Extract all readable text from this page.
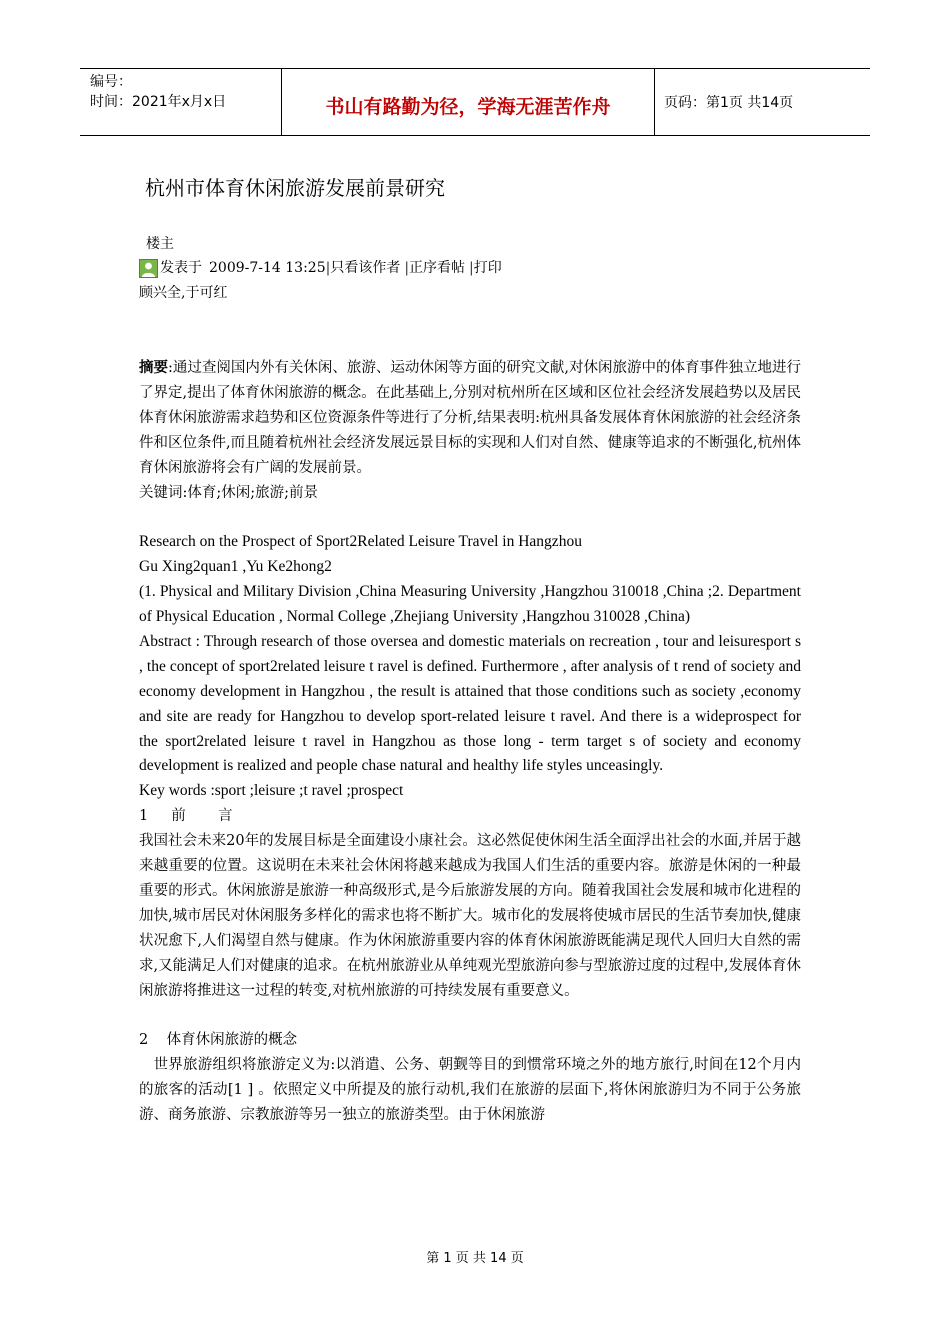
编号：
时间：2021年x月x日	书山有路勤为径，学海无涯苦作舟	页码：第1页 共14页
杭州市体育休闲旅游发展前景研究
楼主
发表于 2009-7-14 13:25 | 只看该作者 | 正序看帖 | 打印
顾兴全,于可红

摘要:通过查阅国内外有关休闲、旅游、运动休闲等方面的研究文献,对休闲旅游中的体育事件独立地进行了界定,提出了体育休闲旅游的概念。在此基础上,分别对杭州所在区域和区位社会经济发展趋势以及居民体育休闲旅游需求趋势和区位资源条件等进行了分析,结果表明:杭州具备发展体育休闲旅游的社会经济条件和区位条件,而且随着杭州社会经济发展远景目标的实现和人们对自然、健康等追求的不断强化,杭州体育休闲旅游将会有广阔的发展前景。

关键词:体育;休闲;旅游;前景

Research on the Prospect of Sport2Related Leisure Travel in Hangzhou

Gu Xing2quan1 ,Yu Ke2hong2

(1. Physical and Military Division ,China Measuring University ,Hangzhou 310018 ,China ;2. Department of Physical Education , Normal College ,Zhejiang University ,Hangzhou 310028 ,China)

Abstract : Through research of those oversea and domestic materials on recreation , tour and leisuresport s , the concept of sport2related leisure t ravel is defined. Furthermore , after analysis of t rend of society and economy development in Hangzhou , the result is attained that those conditions such as society ,economy and site are ready for Hangzhou to develop sport-related leisure t ravel. And there is a wideprospect for the sport2related leisure t ravel in Hangzhou as those long - term target s of society and economy development is realized and people chase natural and healthy life styles unceasingly.

Key words :sport ;leisure ;t ravel ;prospect

1     前       言

我国社会未来20年的发展目标是全面建设小康社会。这必然促使休闲生活全面浮出社会的水面,并居于越来越重要的位置。这说明在未来社会休闲将越来越成为我国人们生活的重要内容。旅游是休闲的一种最重要的形式。休闲旅游是旅游一种高级形式,是今后旅游发展的方向。随着我国社会发展和城市化进程的加快,城市居民对休闲服务多样化的需求也将不断扩大。城市化的发展将使城市居民的生活节奏加快,健康状况愈下,人们渴望自然与健康。作为休闲旅游重要内容的体育休闲旅游既能满足现代人回归大自然的需求,又能满足人们对健康的追求。在杭州旅游业从单纯观光型旅游向参与型旅游过度的过程中,发展体育休闲旅游将推进这一过程的转变,对杭州旅游的可持续发展有重要意义。

2    体育休闲旅游的概念

世界旅游组织将旅游定义为:以消遣、公务、朝觐等目的到惯常环境之外的地方旅行,时间在12个月内的旅客的活动[1 ] 。依照定义中所提及的旅行动机,我们在旅游的层面下,将休闲旅游归为不同于公务旅游、商务旅游、宗教旅游等另一独立的旅游类型。由于休闲旅游

第 1 页 共 14 页
